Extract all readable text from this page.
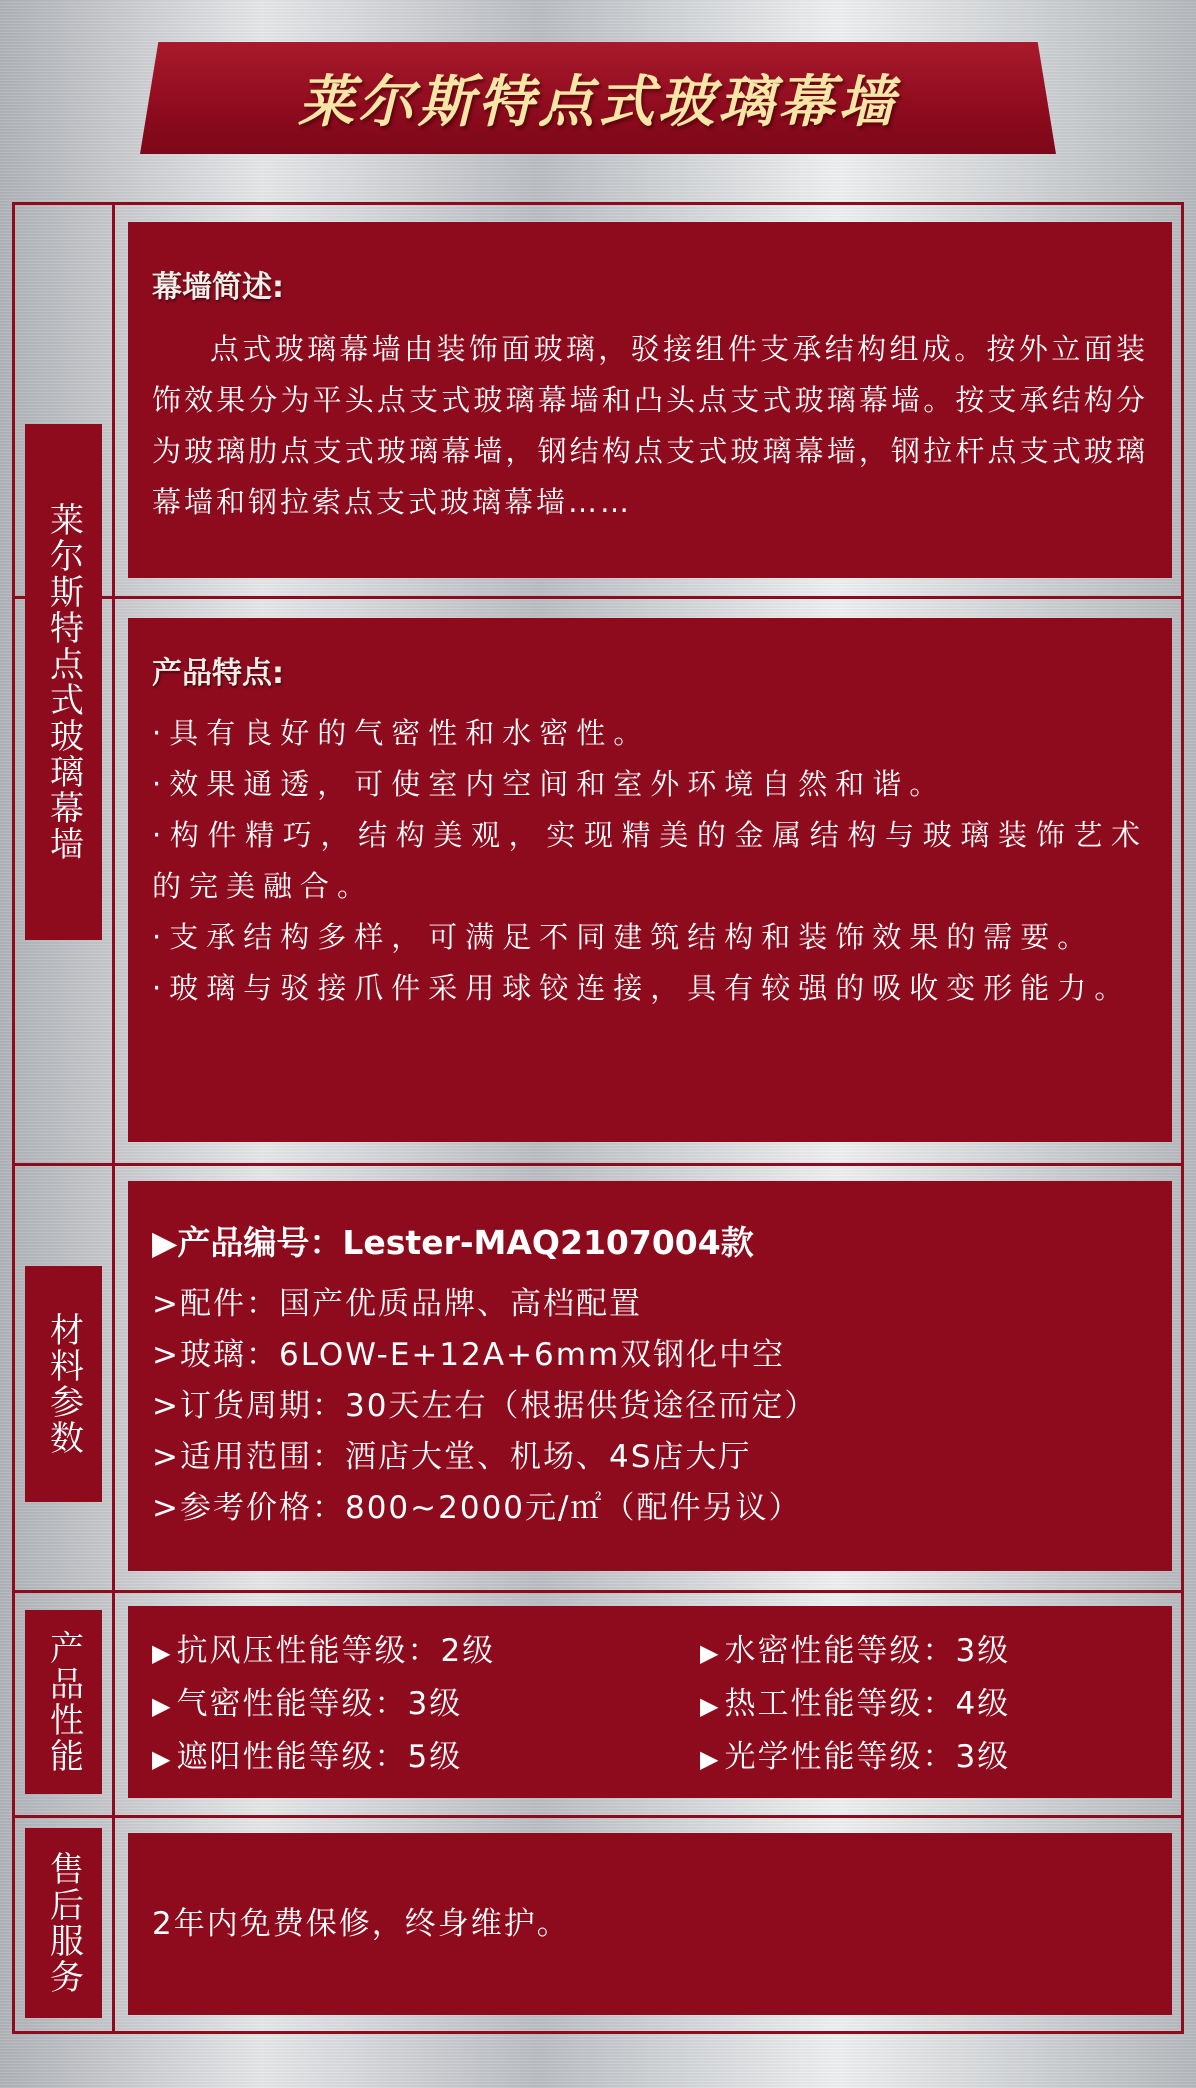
莱尔斯特点式玻璃幕墙
莱尔斯特点式玻璃幕墙
材料参数
产品性能
售后服务
幕墙简述:
点式玻璃幕墙由装饰面玻璃，驳接组件支承结构组成。按外立面装饰效果分为平头点支式玻璃幕墙和凸头点支式玻璃幕墙。按支承结构分为玻璃肋点支式玻璃幕墙，钢结构点支式玻璃幕墙，钢拉杆点支式玻璃幕墙和钢拉索点支式玻璃幕墙……
产品特点:
·具有良好的气密性和水密性。
·效果通透，可使室内空间和室外环境自然和谐。
·构件精巧，结构美观，实现精美的金属结构与玻璃装饰艺术的完美融合。
·支承结构多样，可满足不同建筑结构和装饰效果的需要。
·玻璃与驳接爪件采用球铰连接，具有较强的吸收变形能力。
▶产品编号：Lester-MAQ2107004款
>配件：国产优质品牌、高档配置
>玻璃：6LOW-E+12A+6mm双钢化中空
>订货周期：30天左右（根据供货途径而定）
>适用范围：酒店大堂、机场、4S店大厅
>参考价格：800~2000元/㎡（配件另议）
▶ 抗风压性能等级：2级	▶ 水密性能等级：3级
▶ 气密性能等级：3级	▶ 热工性能等级：4级
▶ 遮阳性能等级：5级	▶ 光学性能等级：3级
2年内免费保修，终身维护。
